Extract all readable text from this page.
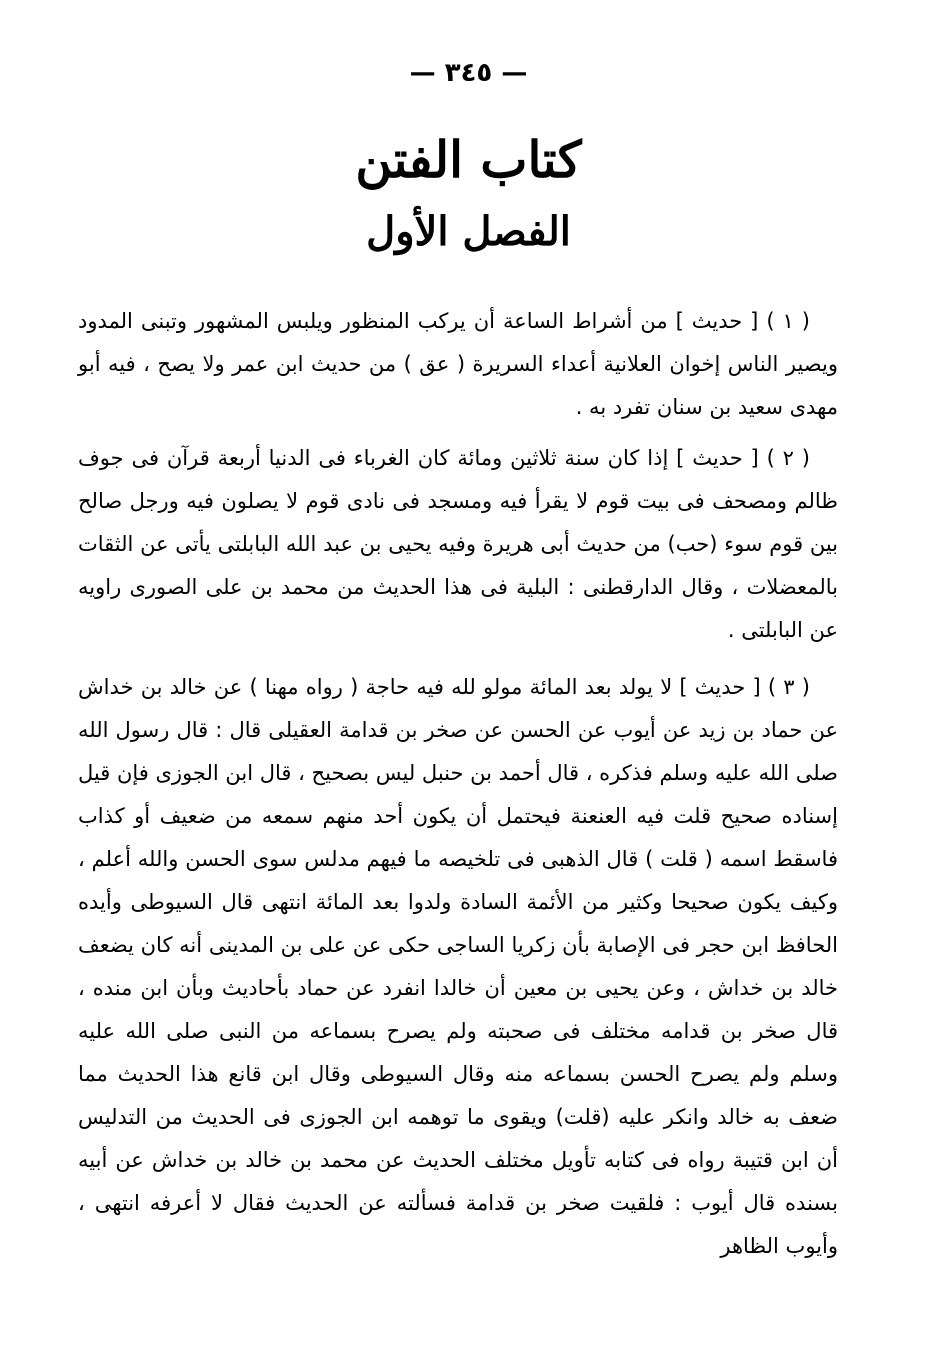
— ٣٤٥ —
كتاب الفتن
الفصل الأول

( ١ ) [ حديث ] من أشراط الساعة أن يركب المنظور ويلبس المشهور وتبنى المدود ويصير الناس إخوان العلانية أعداء السريرة ( عق ) من حديث ابن عمر ولا يصح ، فيه أبو مهدى سعيد بن سنان تفرد به .

( ٢ ) [ حديث ] إذا كان سنة ثلاثين ومائة كان الغرباء فى الدنيا أربعة قرآن فى جوف ظالم ومصحف فى بيت قوم لا يقرأ فيه ومسجد فى نادى قوم لا يصلون فيه ورجل صالح بين قوم سوء (حب) من حديث أبى هريرة وفيه يحيى بن عبد الله البابلتى يأتى عن الثقات بالمعضلات ، وقال الدارقطنى : البلية فى هذا الحديث من محمد بن على الصورى راويه عن البابلتى .

( ٣ ) [ حديث ] لا يولد بعد المائة مولو لله فيه حاجة ( رواه مهنا ) عن خالد بن خداش عن حماد بن زيد عن أيوب عن الحسن عن صخر بن قدامة العقيلى قال : قال رسول الله صلى الله عليه وسلم فذكره ، قال أحمد بن حنبل ليس بصحيح ، قال ابن الجوزى فإن قيل إسناده صحيح قلت فيه العنعنة فيحتمل أن يكون أحد منهم سمعه من ضعيف أو كذاب فاسقط اسمه ( قلت ) قال الذهبى فى تلخيصه ما فيهم مدلس سوى الحسن والله أعلم ، وكيف يكون صحيحا وكثير من الأئمة السادة ولدوا بعد المائة انتهى قال السيوطى وأيده الحافظ ابن حجر فى الإصابة بأن زكريا الساجى حكى عن على بن المدينى أنه كان يضعف خالد بن خداش ، وعن يحيى بن معين أن خالدا انفرد عن حماد بأحاديث وبأن ابن منده ، قال صخر بن قدامه مختلف فى صحبته ولم يصرح بسماعه من النبى صلى الله عليه وسلم ولم يصرح الحسن بسماعه منه وقال السيوطى وقال ابن قانع هذا الحديث مما ضعف به خالد وانكر عليه (قلت) ويقوى ما توهمه ابن الجوزى فى الحديث من التدليس أن ابن قتيبة رواه فى كتابه تأويل مختلف الحديث عن محمد بن خالد بن خداش عن أبيه بسنده قال أيوب : فلقيت صخر بن قدامة فسألته عن الحديث فقال لا أعرفه انتهى ، وأيوب الظاهر
